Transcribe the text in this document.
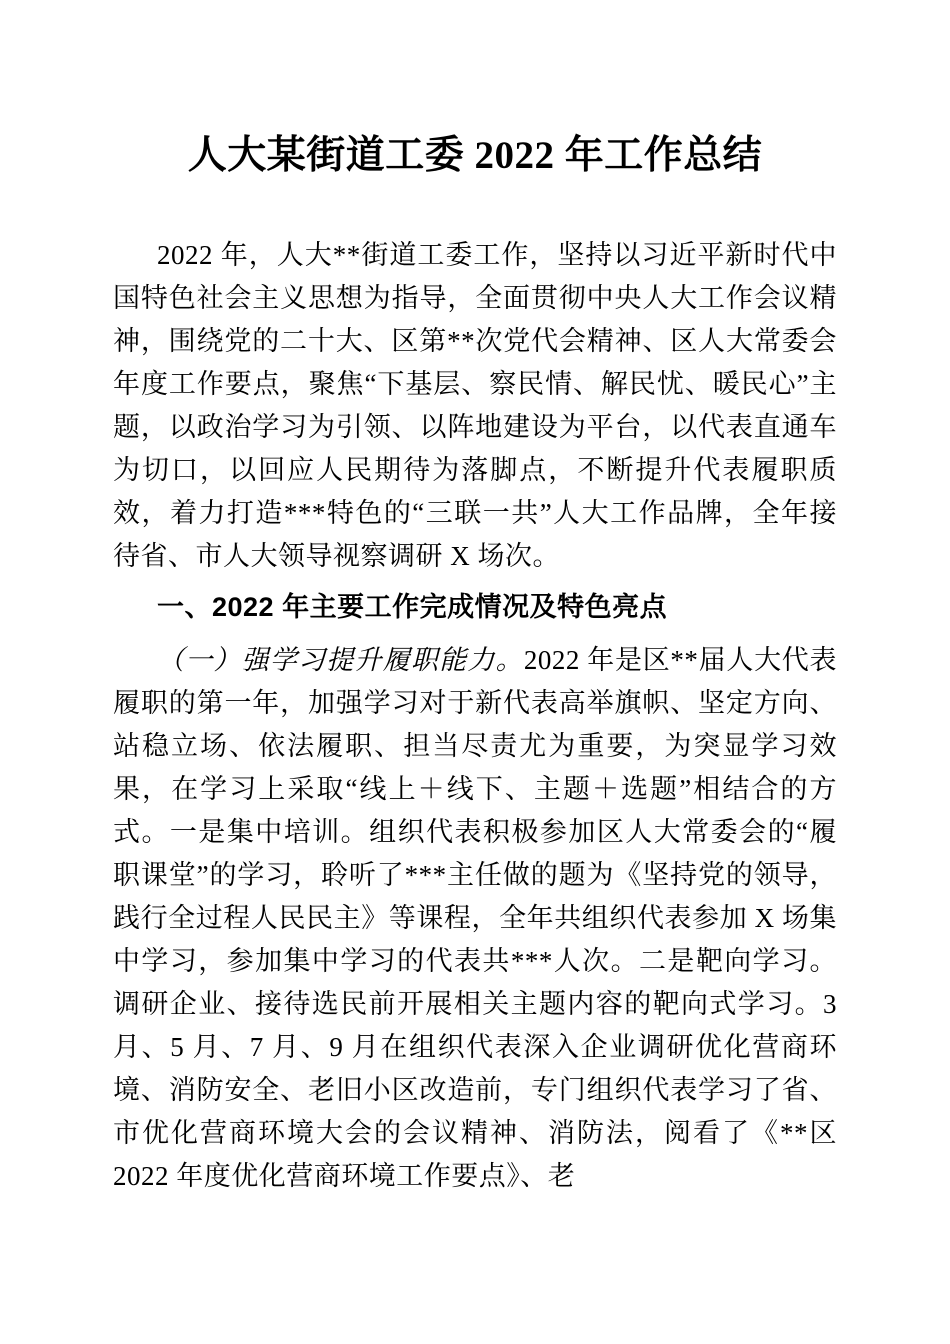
人大某街道工委 2022 年工作总结

2022 年，人大**街道工委工作，坚持以习近平新时代中国特色社会主义思想为指导，全面贯彻中央人大工作会议精神，围绕党的二十大、区第**次党代会精神、区人大常委会年度工作要点，聚焦“下基层、察民情、解民忧、暖民心”主题，以政治学习为引领、以阵地建设为平台，以代表直通车为切口，以回应人民期待为落脚点，不断提升代表履职质效，着力打造***特色的“三联一共”人大工作品牌，全年接待省、市人大领导视察调研 X 场次。

一、2022 年主要工作完成情况及特色亮点

（一）强学习提升履职能力。2022 年是区**届人大代表履职的第一年，加强学习对于新代表高举旗帜、坚定方向、站稳立场、依法履职、担当尽责尤为重要，为突显学习效果，在学习上采取“线上＋线下、主题＋选题”相结合的方式。一是集中培训。组织代表积极参加区人大常委会的“履职课堂”的学习，聆听了***主任做的题为《坚持党的领导，践行全过程人民民主》等课程，全年共组织代表参加 X 场集中学习，参加集中学习的代表共***人次。二是靶向学习。调研企业、接待选民前开展相关主题内容的靶向式学习。3 月、5 月、7 月、9 月在组织代表深入企业调研优化营商环境、消防安全、老旧小区改造前，专门组织代表学习了省、市优化营商环境大会的会议精神、消防法，阅看了《**区 2022 年度优化营商环境工作要点》、老
